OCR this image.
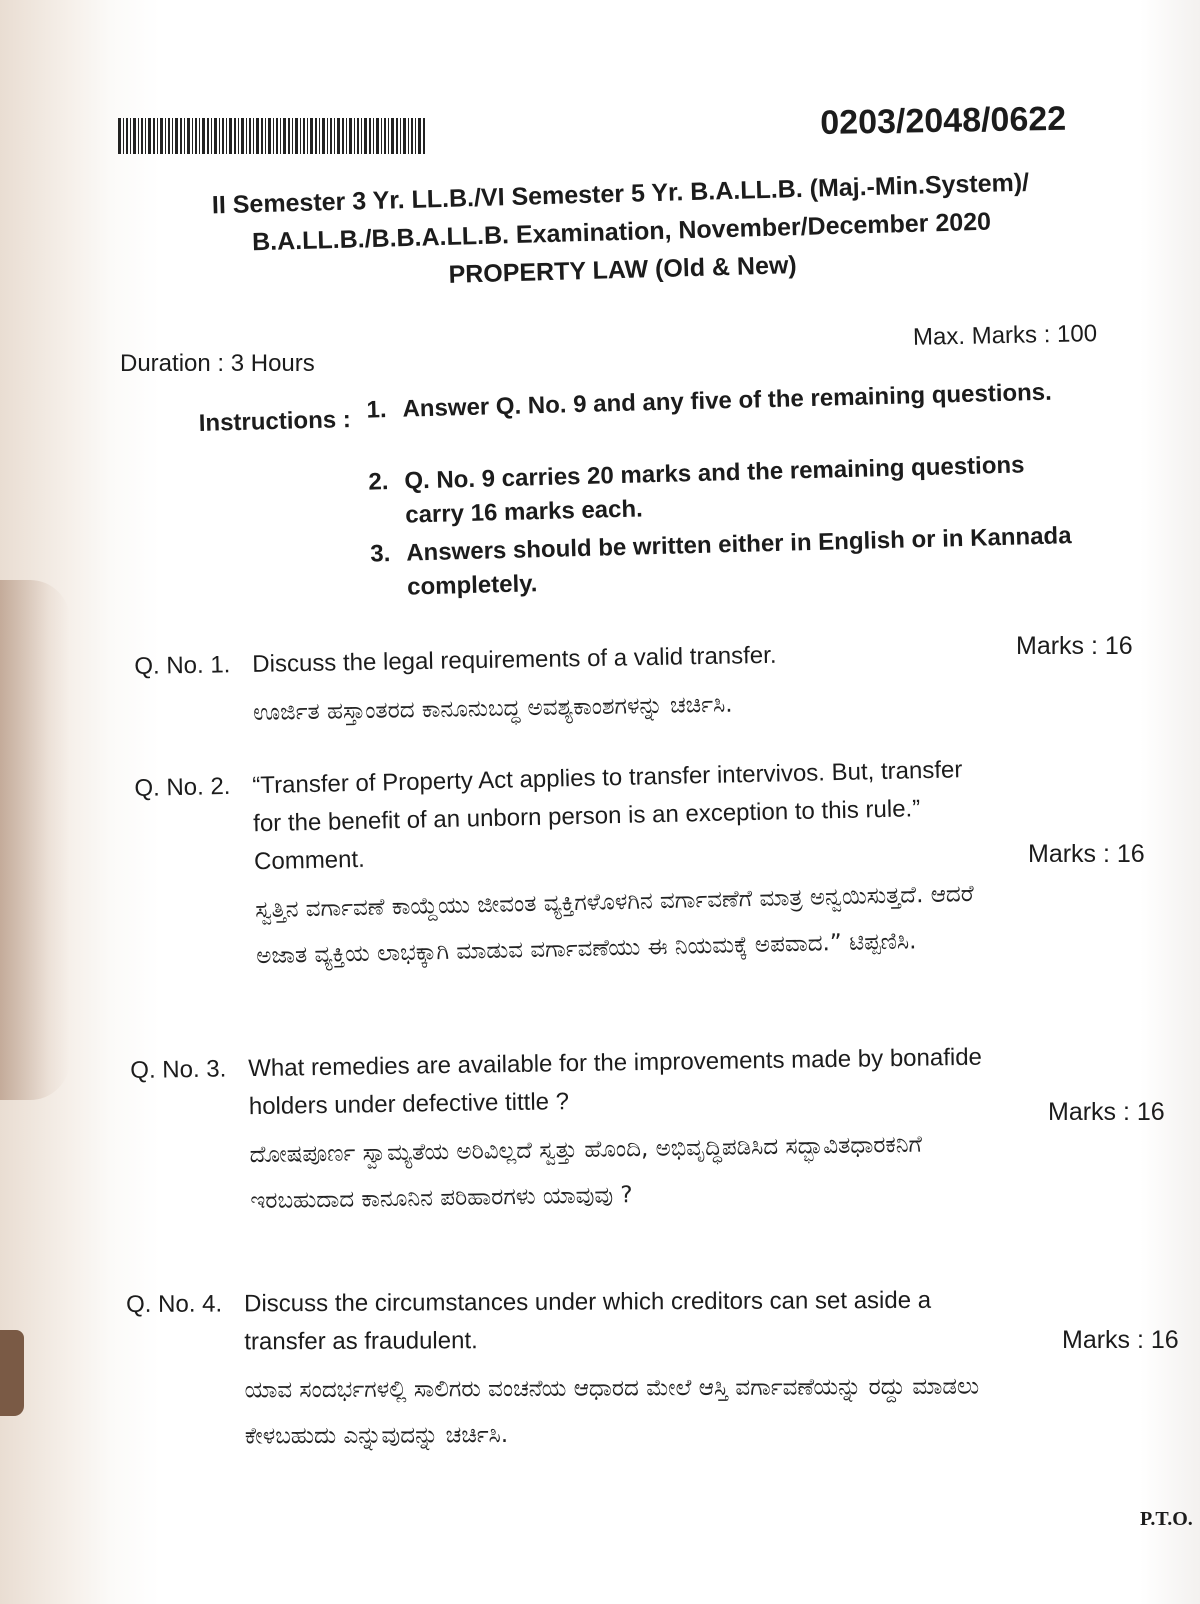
0203/2048/0622
II Semester 3 Yr. LL.B./VI Semester 5 Yr. B.A.LL.B. (Maj.-Min.System)/
B.A.LL.B./B.B.A.LL.B. Examination, November/December 2020
PROPERTY LAW (Old & New)
Max. Marks : 100
Duration : 3 Hours
Instructions : 1. Answer Q. No. 9 and any five of the remaining questions.
2. Q. No. 9 carries 20 marks and the remaining questions carry 16 marks each.
3. Answers should be written either in English or in Kannada completely.
Q. No. 1. Discuss the legal requirements of a valid transfer.
ಊರ್ಜಿತ ಹಸ್ತಾಂತರದ ಕಾನೂನುಬದ್ಧ ಅವಶ್ಯಕಾಂಶಗಳನ್ನು ಚರ್ಚಿಸಿ.
Marks : 16
Q. No. 2. “Transfer of Property Act applies to transfer intervivos. But, transfer for the benefit of an unborn person is an exception to this rule.” Comment.
ಸ್ವತ್ತಿನ ವರ್ಗಾವಣೆ ಕಾಯ್ದೆಯು ಜೀವಂತ ವ್ಯಕ್ತಿಗಳೊಳಗಿನ ವರ್ಗಾವಣೆಗೆ ಮಾತ್ರ ಅನ್ವಯಿಸುತ್ತದೆ. ಆದರೆ ಅಜಾತ ವ್ಯಕ್ತಿಯ ಲಾಭಕ್ಕಾಗಿ ಮಾಡುವ ವರ್ಗಾವಣೆಯು ಈ ನಿಯಮಕ್ಕೆ ಅಪವಾದ.” ಟಿಪ್ಪಣಿಸಿ.
Marks : 16
Q. No. 3. What remedies are available for the improvements made by bonafide holders under defective tittle ?
ದೋಷಪೂರ್ಣ ಸ್ವಾಮ್ಯತೆಯ ಅರಿವಿಲ್ಲದೆ ಸ್ವತ್ತು ಹೊಂದಿ, ಅಭಿವೃದ್ಧಿಪಡಿಸಿದ ಸದ್ಭಾವಿತಧಾರಕನಿಗೆ ಇರಬಹುದಾದ ಕಾನೂನಿನ ಪರಿಹಾರಗಳು ಯಾವುವು ?
Marks : 16
Q. No. 4. Discuss the circumstances under which creditors can set aside a transfer as fraudulent.
ಯಾವ ಸಂದರ್ಭಗಳಲ್ಲಿ ಸಾಲಿಗರು ವಂಚನೆಯ ಆಧಾರದ ಮೇಲೆ ಆಸ್ತಿ ವರ್ಗಾವಣೆಯನ್ನು ರದ್ದು ಮಾಡಲು ಕೇಳಬಹುದು ಎನ್ನುವುದನ್ನು ಚರ್ಚಿಸಿ.
Marks : 16
P.T.O.
